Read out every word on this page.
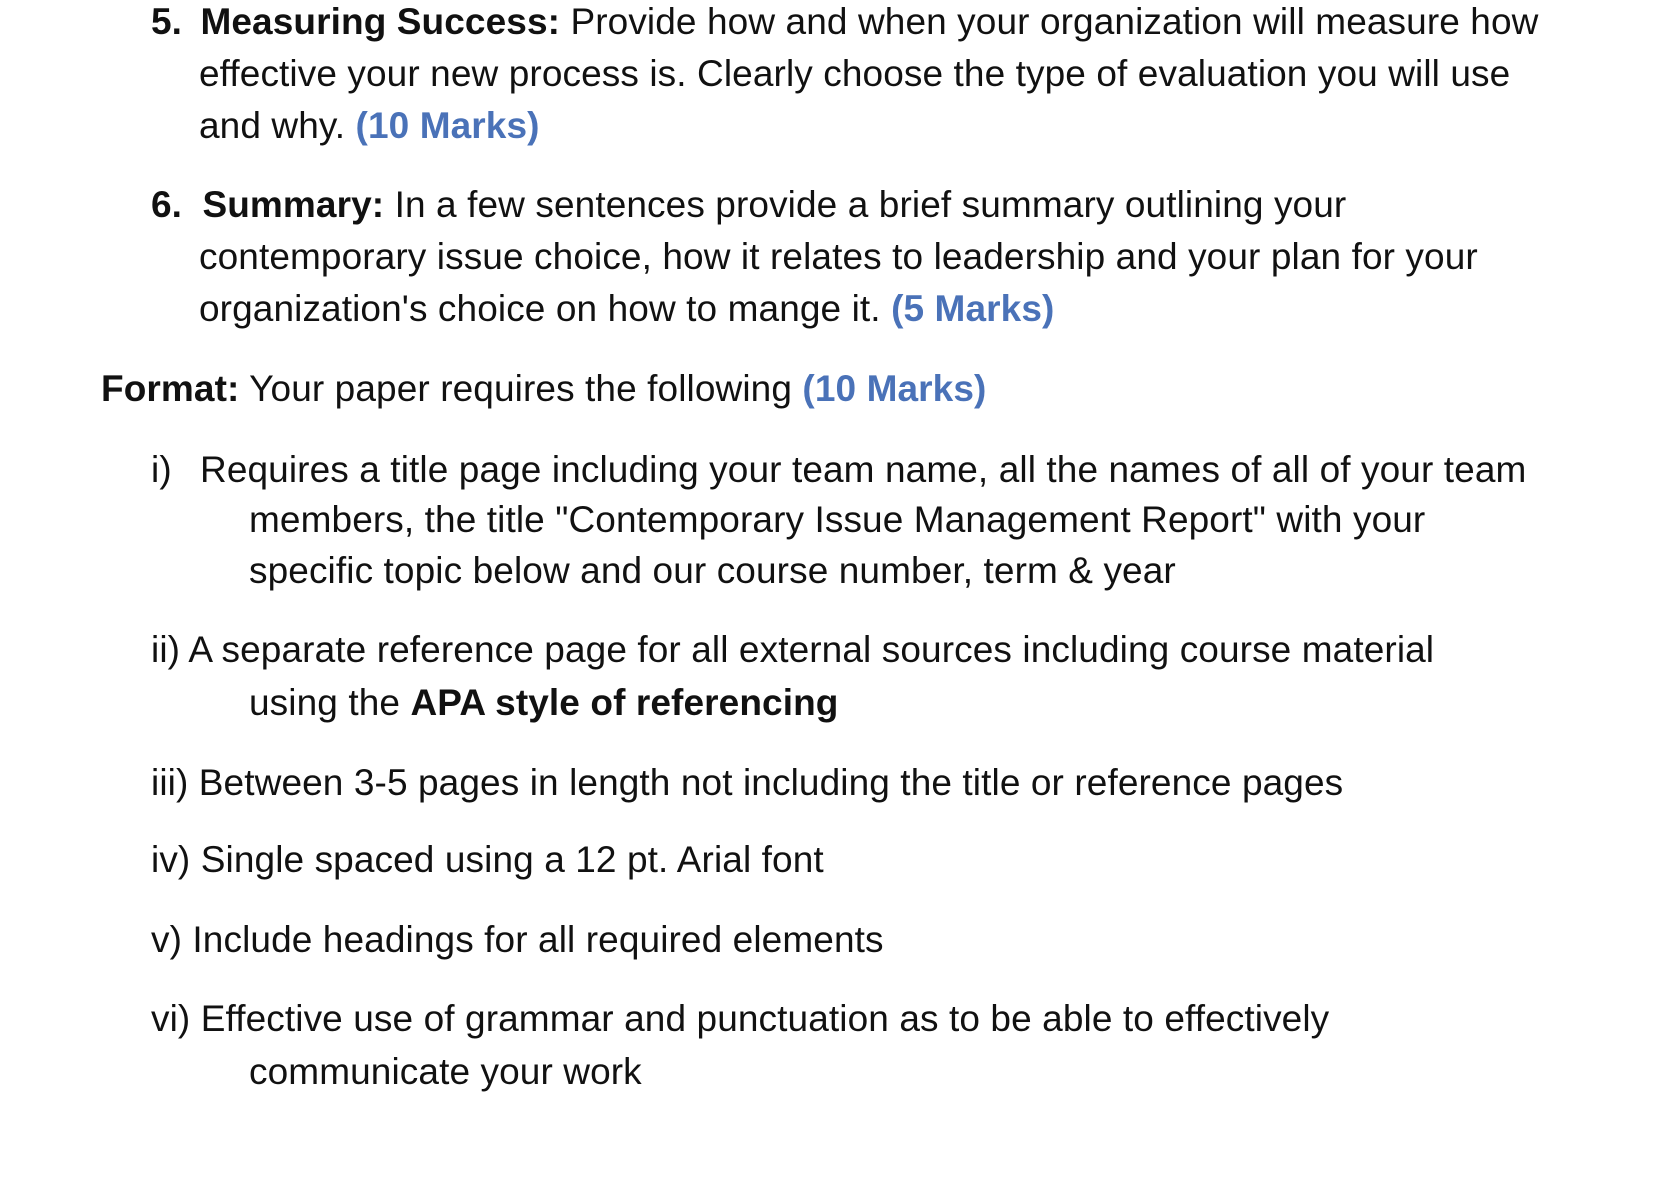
5. Measuring Success: Provide how and when your organization will measure how
effective your new process is. Clearly choose the type of evaluation you will use
and why. (10 Marks)
6. Summary: In a few sentences provide a brief summary outlining your
contemporary issue choice, how it relates to leadership and your plan for your
organization's choice on how to mange it. (5 Marks)
Format: Your paper requires the following (10 Marks)
i) Requires a title page including your team name, all the names of all of your team
members, the title "Contemporary Issue Management Report" with your
specific topic below and our course number, term & year
ii) A separate reference page for all external sources including course material
using the APA style of referencing
iii) Between 3-5 pages in length not including the title or reference pages
iv) Single spaced using a 12 pt. Arial font
v) Include headings for all required elements
vi) Effective use of grammar and punctuation as to be able to effectively
communicate your work
